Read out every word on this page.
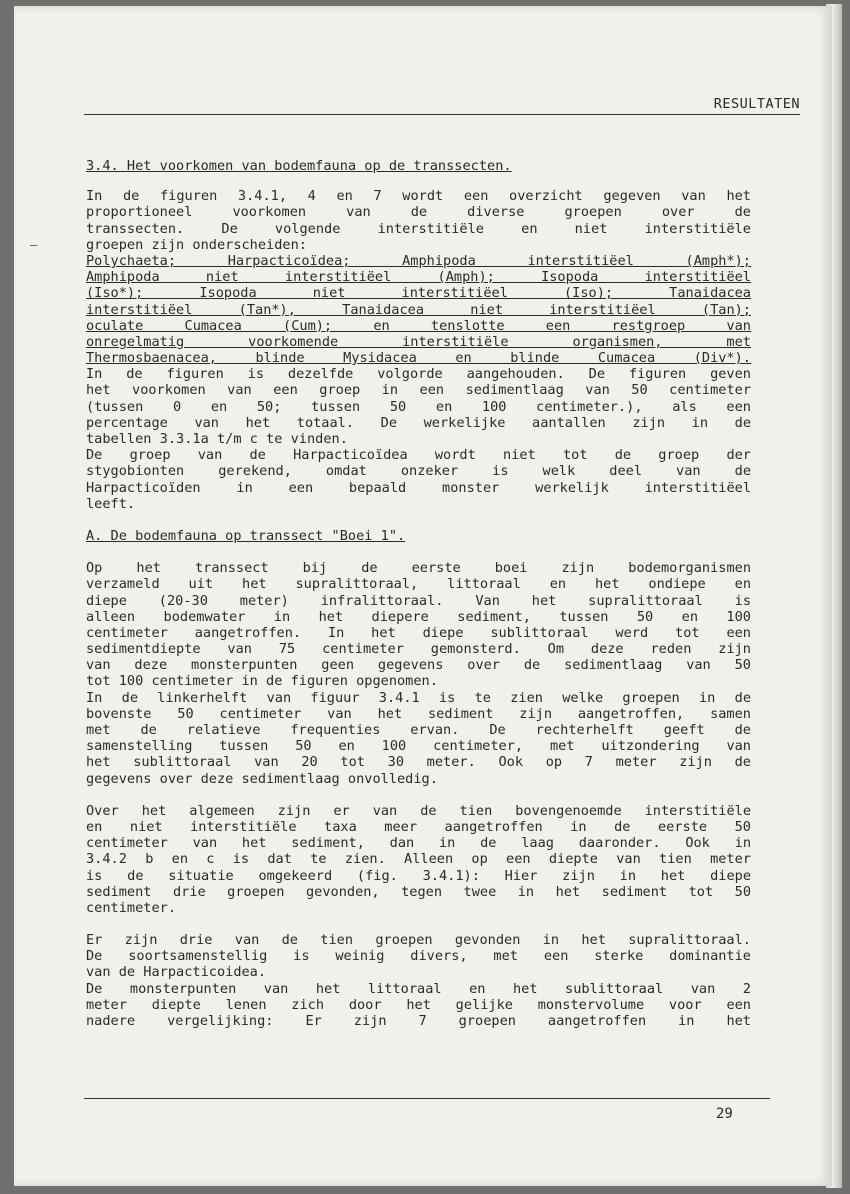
—
RESULTATEN
3.4. Het voorkomen van bodemfauna op de transsecten.
In de figuren 3.4.1, 4 en 7 wordt een overzicht gegeven van het
proportioneel voorkomen van de diverse groepen over de
transsecten. De volgende interstitiële en niet interstitiële
groepen zijn onderscheiden:
Polychaeta; Harpacticoïdea; Amphipoda interstitiëel (Amph*);
Amphipoda niet interstitiëel (Amph); Isopoda interstitiëel
(Iso*); Isopoda niet interstitiëel (Iso); Tanaidacea
interstitiëel (Tan*), Tanaidacea niet interstitiëel (Tan);
oculate Cumacea (Cum); en tenslotte een restgroep van
onregelmatig voorkomende interstitiële organismen, met
Thermosbaenacea, blinde Mysidacea en blinde Cumacea (Div*).
In de figuren is dezelfde volgorde aangehouden. De figuren geven
het voorkomen van een groep in een sedimentlaag van 50 centimeter
(tussen 0 en 50; tussen 50 en 100 centimeter.), als een
percentage van het totaal. De werkelijke aantallen zijn in de
tabellen 3.3.1a t/m c te vinden.
De groep van de Harpacticoïdea wordt niet tot de groep der
stygobionten gerekend, omdat onzeker is welk deel van de
Harpacticoïden in een bepaald monster werkelijk interstitiëel
leeft.
A. De bodemfauna op transsect "Boei 1".
Op het transsect bij de eerste boei zijn bodemorganismen
verzameld uit het supralittoraal, littoraal en het ondiepe en
diepe (20-30 meter) infralittoraal. Van het supralittoraal is
alleen bodemwater in het diepere sediment, tussen 50 en 100
centimeter aangetroffen. In het diepe sublittoraal werd tot een
sedimentdiepte van 75 centimeter gemonsterd. Om deze reden zijn
van deze monsterpunten geen gegevens over de sedimentlaag van 50
tot 100 centimeter in de figuren opgenomen.
In de linkerhelft van figuur 3.4.1 is te zien welke groepen in de
bovenste 50 centimeter van het sediment zijn aangetroffen, samen
met de relatieve frequenties ervan. De rechterhelft geeft de
samenstelling tussen 50 en 100 centimeter, met uitzondering van
het sublittoraal van 20 tot 30 meter. Ook op 7 meter zijn de
gegevens over deze sedimentlaag onvolledig.
Over het algemeen zijn er van de tien bovengenoemde interstitiële
en niet interstitiële taxa meer aangetroffen in de eerste 50
centimeter van het sediment, dan in de laag daaronder. Ook in
3.4.2 b en c is dat te zien. Alleen op een diepte van tien meter
is de situatie omgekeerd (fig. 3.4.1): Hier zijn in het diepe
sediment drie groepen gevonden, tegen twee in het sediment tot 50
centimeter.
Er zijn drie van de tien groepen gevonden in het supralittoraal.
De soortsamenstellig is weinig divers, met een sterke dominantie
van de Harpacticoidea.
De monsterpunten van het littoraal en het sublittoraal van 2
meter diepte lenen zich door het gelijke monstervolume voor een
nadere vergelijking: Er zijn 7 groepen aangetroffen in het
29
